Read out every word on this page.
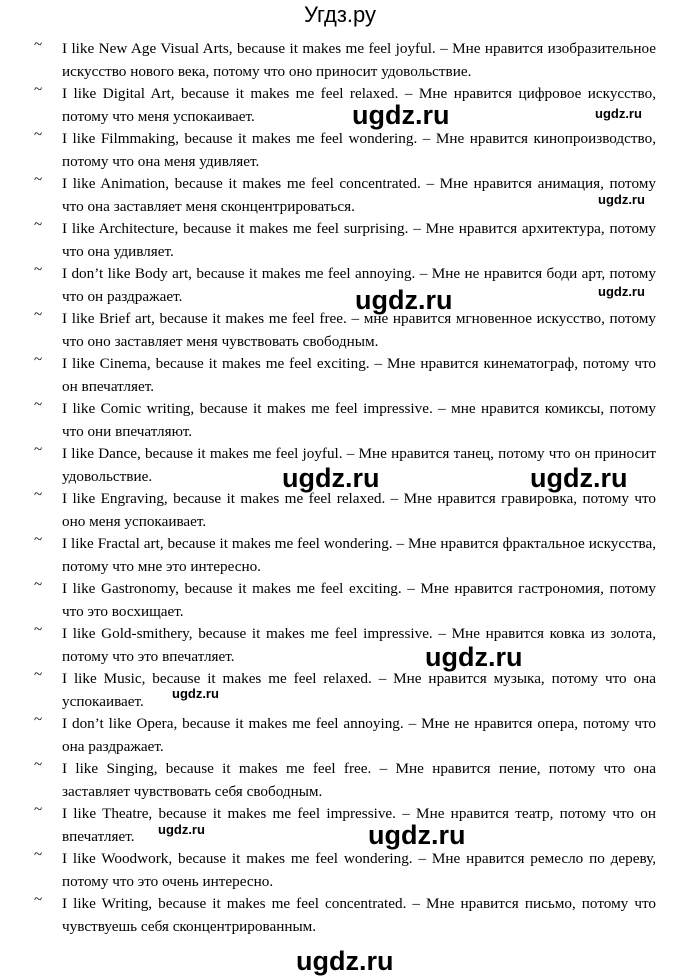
Угдз.ру
~ I like New Age Visual Arts, because it makes me feel joyful. – Мне нравится изобразительное искусство нового века, потому что оно приносит удовольствие.
~ I like Digital Art, because it makes me feel relaxed. – Мне нравится цифровое искусство, потому что меня успокаивает.
~ I like Filmmaking, because it makes me feel wondering. – Мне нравится кинопроизводство, потому что она меня удивляет.
~ I like Animation, because it makes me feel concentrated. – Мне нравится анимация, потому что она заставляет меня сконцентрироваться.
~ I like Architecture, because it makes me feel surprising. – Мне нравится архитектура, потому что она удивляет.
~ I don’t like Body art, because it makes me feel annoying. – Мне не нравится боди арт, потому что он раздражает.
~ I like Brief art, because it makes me feel free. – мне нравится мгновенное искусство, потому что оно заставляет меня чувствовать свободным.
~ I like Cinema, because it makes me feel exciting. – Мне нравится кинематограф, потому что он впечатляет.
~ I like Comic writing, because it makes me feel impressive. – мне нравится комиксы, потому что они впечатляют.
~ I like Dance, because it makes me feel joyful. – Мне нравится танец, потому что он приносит удовольствие.
~ I like Engraving, because it makes me feel relaxed. – Мне нравится гравировка, потому что оно меня успокаивает.
~ I like Fractal art, because it makes me feel wondering. – Мне нравится фрактальное искусства, потому что мне это интересно.
~ I like Gastronomy, because it makes me feel exciting. – Мне нравится гастрономия, потому что это восхищает.
~ I like Gold-smithery, because it makes me feel impressive. – Мне нравится ковка из золота, потому что это впечатляет.
~ I like Music, because it makes me feel relaxed. – Мне нравится музыка, потому что она успокаивает.
~ I don’t like Opera, because it makes me feel annoying. – Мне не нравится опера, потому что она раздражает.
~ I like Singing, because it makes me feel free. – Мне нравится пение, потому что она заставляет чувствовать себя свободным.
~ I like Theatre, because it makes me feel impressive. – Мне нравится театр, потому что он впечатляет.
~ I like Woodwork, because it makes me feel wondering. – Мне нравится ремесло по дереву, потому что это очень интересно.
~ I like Writing, because it makes me feel concentrated. – Мне нравится письмо, потому что чувствуешь себя сконцентрированным.
ugdz.ru	ugdz.ru
ugdz.ru
ugdz.ru	ugdz.ru
ugdz.ru	ugdz.ru
ugdz.ru
ugdz.ru
ugdz.ru
ugdz.ru
ugdz.ru
